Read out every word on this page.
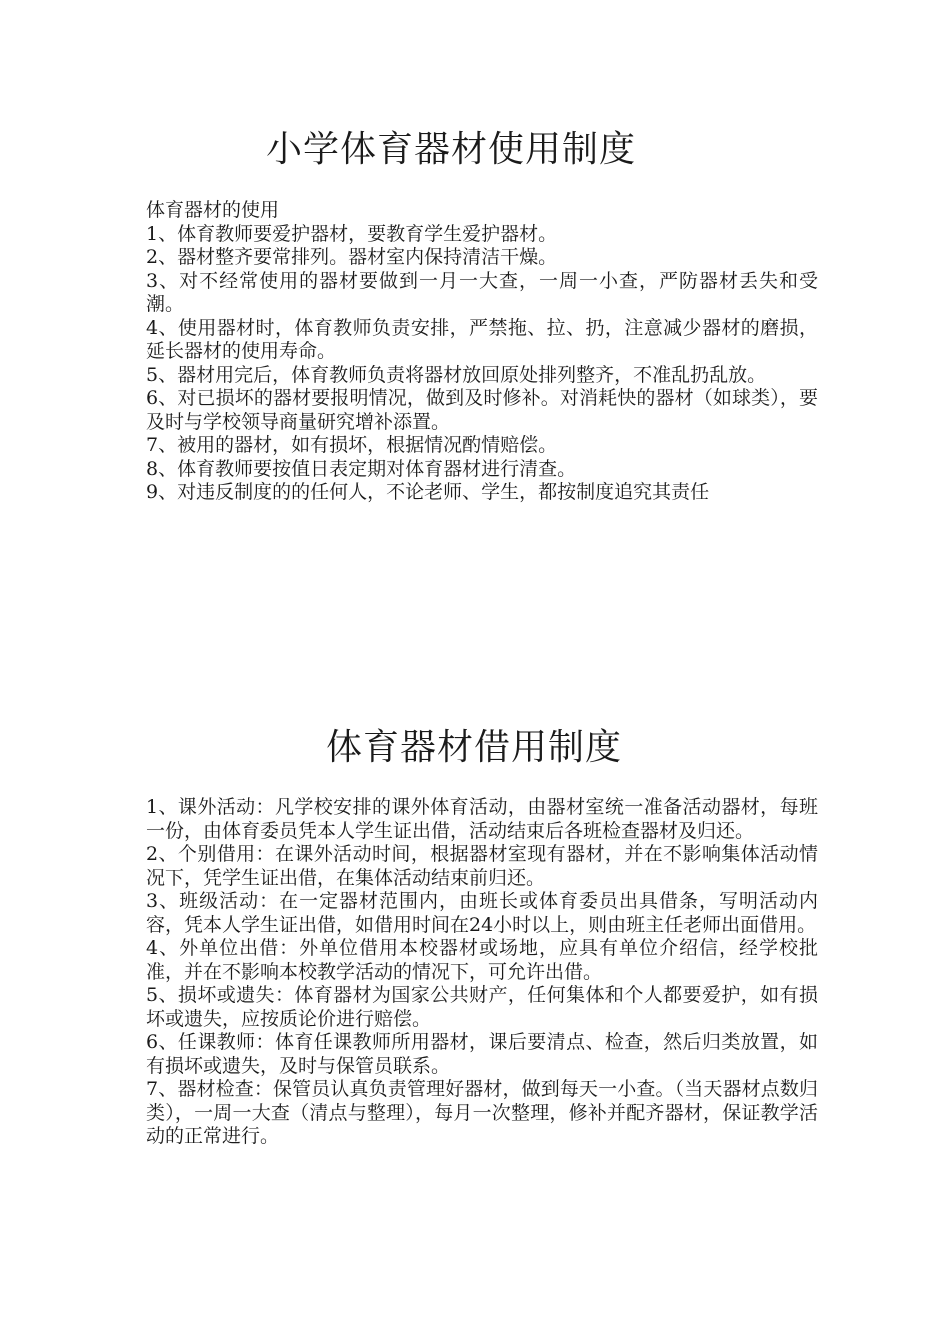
小学体育器材使用制度

体育器材的使用

1、体育教师要爱护器材，要教育学生爱护器材。

2、器材整齐要常排列。器材室内保持清洁干燥。

3、对不经常使用的器材要做到一月一大查，一周一小查，严防器材丢失和受潮。

4、使用器材时，体育教师负责安排，严禁拖、拉、扔，注意减少器材的磨损，延长器材的使用寿命。

5、器材用完后，体育教师负责将器材放回原处排列整齐，不准乱扔乱放。

6、对已损坏的器材要报明情况，做到及时修补。对消耗快的器材（如球类），要及时与学校领导商量研究增补添置。

7、被用的器材，如有损坏，根据情况酌情赔偿。

8、体育教师要按值日表定期对体育器材进行清查。

9、对违反制度的的任何人，不论老师、学生，都按制度追究其责任

体育器材借用制度

1、课外活动：凡学校安排的课外体育活动，由器材室统一准备活动器材，每班一份，由体育委员凭本人学生证出借，活动结束后各班检查器材及归还。

2、个别借用：在课外活动时间，根据器材室现有器材，并在不影响集体活动情况下，凭学生证出借，在集体活动结束前归还。

3、班级活动：在一定器材范围内，由班长或体育委员出具借条，写明活动内容，凭本人学生证出借，如借用时间在24小时以上，则由班主任老师出面借用。

4、外单位出借：外单位借用本校器材或场地，应具有单位介绍信，经学校批准，并在不影响本校教学活动的情况下，可允许出借。

5、损坏或遗失：体育器材为国家公共财产，任何集体和个人都要爱护，如有损坏或遗失，应按质论价进行赔偿。

6、任课教师：体育任课教师所用器材，课后要清点、检查，然后归类放置，如有损坏或遗失，及时与保管员联系。

7、器材检查：保管员认真负责管理好器材，做到每天一小查。（当天器材点数归类），一周一大查（清点与整理），每月一次整理，修补并配齐器材，保证教学活动的正常进行。
